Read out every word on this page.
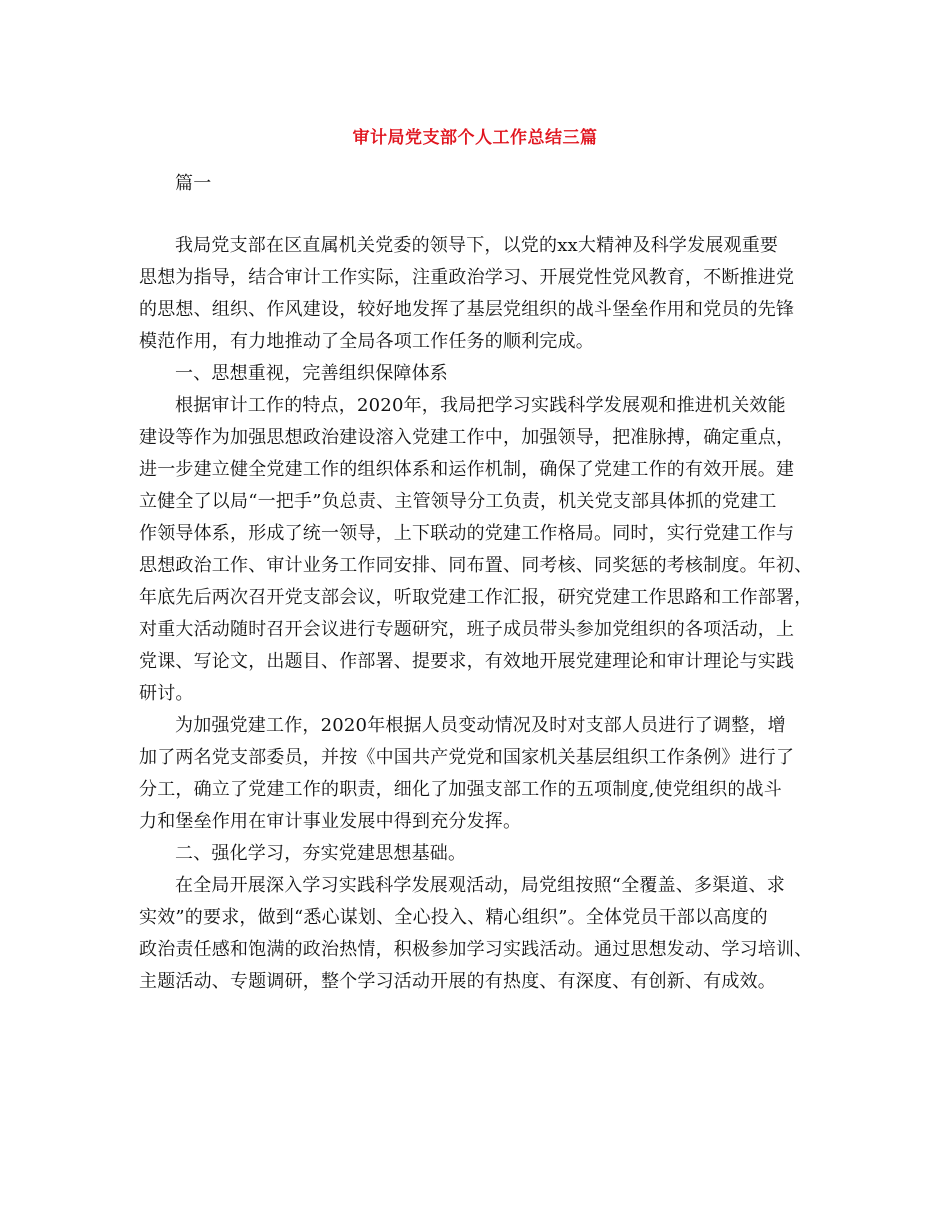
审计局党支部个人工作总结三篇
篇一
我局党支部在区直属机关党委的领导下，以党的xx大精神及科学发展观重要
思想为指导，结合审计工作实际，注重政治学习、开展党性党风教育，不断推进党
的思想、组织、作风建设，较好地发挥了基层党组织的战斗堡垒作用和党员的先锋
模范作用，有力地推动了全局各项工作任务的顺利完成。
一、思想重视，完善组织保障体系
根据审计工作的特点，2020年，我局把学习实践科学发展观和推进机关效能
建设等作为加强思想政治建设溶入党建工作中，加强领导，把准脉搏，确定重点，
进一步建立健全党建工作的组织体系和运作机制，确保了党建工作的有效开展。建
立健全了以局“一把手”负总责、主管领导分工负责，机关党支部具体抓的党建工
作领导体系，形成了统一领导，上下联动的党建工作格局。同时，实行党建工作与
思想政治工作、审计业务工作同安排、同布置、同考核、同奖惩的考核制度。年初、
年底先后两次召开党支部会议，听取党建工作汇报，研究党建工作思路和工作部署，
对重大活动随时召开会议进行专题研究，班子成员带头参加党组织的各项活动，上
党课、写论文，出题目、作部署、提要求，有效地开展党建理论和审计理论与实践
研讨。
为加强党建工作，2020年根据人员变动情况及时对支部人员进行了调整，增
加了两名党支部委员，并按《中国共产党党和国家机关基层组织工作条例》进行了
分工，确立了党建工作的职责，细化了加强支部工作的五项制度,使党组织的战斗
力和堡垒作用在审计事业发展中得到充分发挥。
二、强化学习，夯实党建思想基础。
在全局开展深入学习实践科学发展观活动，局党组按照“全覆盖、多渠道、求
实效”的要求，做到“悉心谋划、全心投入、精心组织”。全体党员干部以高度的
政治责任感和饱满的政治热情，积极参加学习实践活动。通过思想发动、学习培训、
主题活动、专题调研，整个学习活动开展的有热度、有深度、有创新、有成效。
